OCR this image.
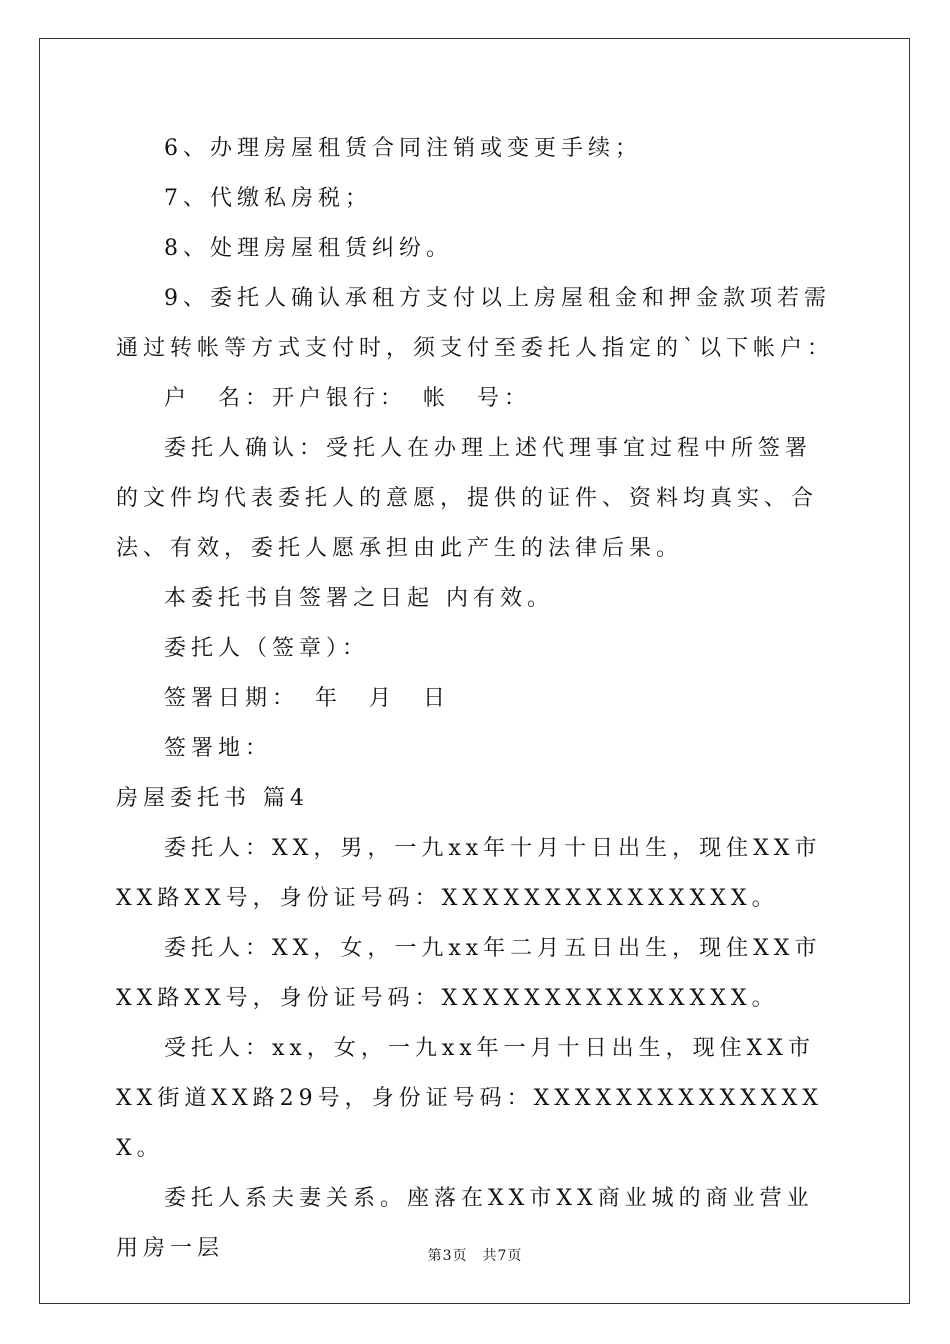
6、办理房屋租赁合同注销或变更手续；

7、代缴私房税；

8、处理房屋租赁纠纷。

9、委托人确认承租方支付以上房屋租金和押金款项若需通过转帐等方式支付时，须支付至委托人指定的`以下帐户：

户　名：开户银行：　帐　号：

委托人确认：受托人在办理上述代理事宜过程中所签署的文件均代表委托人的意愿，提供的证件、资料均真实、合法、有效，委托人愿承担由此产生的法律后果。

本委托书自签署之日起 内有效。

委托人（签章）：

签署日期：　年　月　日

签署地：

房屋委托书 篇4

委托人：XX，男，一九xx年十月十日出生，现住XX市XX路XX号，身份证号码：XXXXXXXXXXXXXXX。

委托人：XX，女，一九xx年二月五日出生，现住XX市XX路XX号，身份证号码：XXXXXXXXXXXXXXX。

受托人：xx，女，一九xx年一月十日出生，现住XX市XX街道XX路29号，身份证号码：XXXXXXXXXXXXXXX。

委托人系夫妻关系。座落在XX市XX商业城的商业营业用房一层	第3页　共7页
